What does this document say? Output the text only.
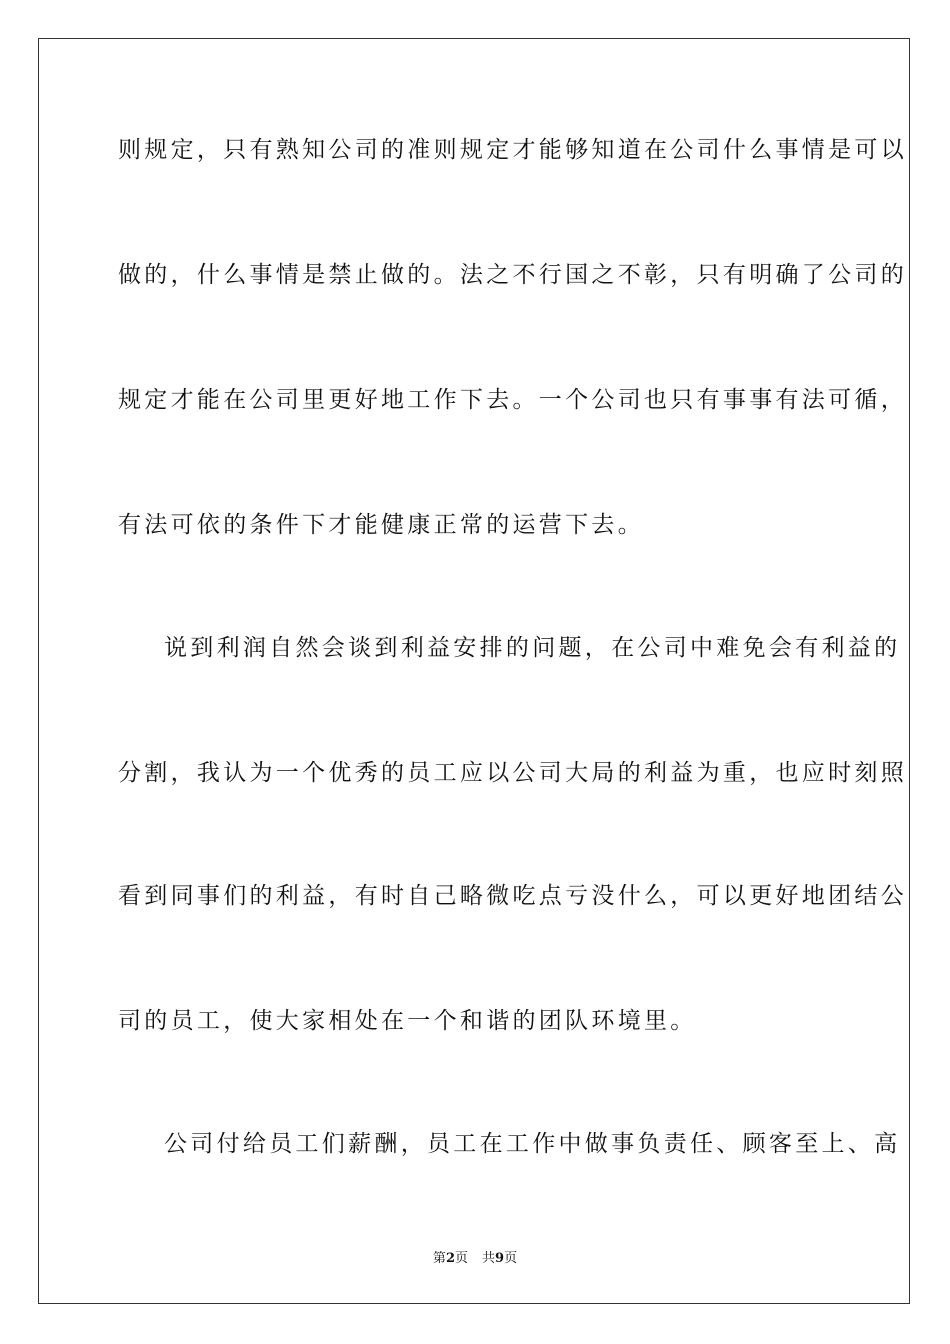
则规定，只有熟知公司的准则规定才能够知道在公司什么事情是可以
做的，什么事情是禁止做的。法之不行国之不彰，只有明确了公司的
规定才能在公司里更好地工作下去。一个公司也只有事事有法可循，
有法可依的条件下才能健康正常的运营下去。
说到利润自然会谈到利益安排的问题，在公司中难免会有利益的
分割，我认为一个优秀的员工应以公司大局的利益为重，也应时刻照
看到同事们的利益，有时自己略微吃点亏没什么，可以更好地团结公
司的员工，使大家相处在一个和谐的团队环境里。
公司付给员工们薪酬，员工在工作中做事负责任、顾客至上、高
第2页 共9页
